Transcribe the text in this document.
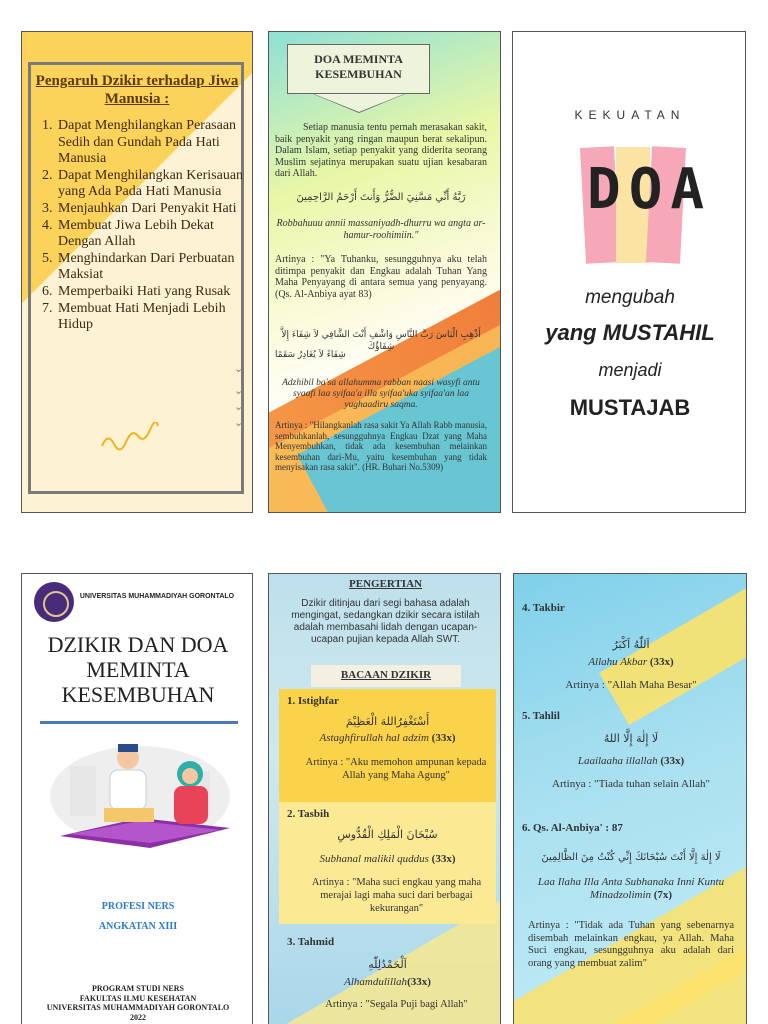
Pengaruh Dzikir terhadap Jiwa Manusia :
1. Dapat Menghilangkan Perasaan Sedih dan Gundah Pada Hati Manusia
2. Dapat Menghilangkan Kerisauan yang Ada Pada Hati Manusia
3. Menjauhkan Dari Penyakit Hati
4. Membuat Jiwa Lebih Dekat Dengan Allah
5. Menghindarkan Dari Perbuatan Maksiat
6. Memperbaiki Hati yang Rusak
7. Membuat Hati Menjadi Lebih Hidup
⌄
⌄
⌄
⌄
DOA MEMINTA KESEMBUHAN
Setiap manusia tentu pernah merasakan sakit, baik penyakit yang ringan maupun berat sekalipun. Dalam Islam, setiap penyakit yang diderita seorang Muslim sejatinya merupakan suatu ujian kesabaran dari Allah.
رَبَّهُ أَنِّي مَسَّنِيَ الضُّرُّ وَأَنتَ أَرْحَمُ الرَّاحِمِينَ
Robbahuuu annii massaniyadh-dhurru wa angta ar-hamur-roohimiin."
Artinya : "Ya Tuhanku, sesungguhnya aku telah ditimpa penyakit dan Engkau adalah Tuhan Yang Maha Penyayang di antara semua yang penyayang. (Qs. Al-Anbiya ayat 83)
أَذْهِبِ الْبَاسَ رَبَّ النَّاسِ وَاشْفِ أَنْتَ الشَّافِي لاَ شِفَاءَ إِلاَّ شِفَاؤُكَ
شِفَاءً لاَ يُغَادِرُ سَقَمًا
Adzhibil ba'sa allahumma rabban naasi wasyfi antu syaafi laa syifaa'a illa syifaa'uka syifaa'an laa yughaadiru saqma.
Artinya : "Hilangkanlah rasa sakit Ya Allah Rabb manusia, sembuhkanlah, sesungguhnya Engkau Dzat yang Maha Menyembuhkan, tidak ada kesembuhan melainkan kesembuhan dari-Mu, yaitu kesembuhan yang tidak menyisakan rasa sakit". (HR. Buhari No.5309)
KEKUATAN
DOA
mengubah
yang MUSTAHIL
menjadi
MUSTAJAB
UNIVERSITAS MUHAMMADIYAH GORONTALO
DZIKIR DAN DOA MEMINTA KESEMBUHAN
PROFESI NERS
ANGKATAN XIII
PROGRAM STUDI NERS
FAKULTAS ILMU KESEHATAN
UNIVERSITAS MUHAMMADIYAH GORONTALO
2022
PENGERTIAN
Dzikir ditinjau dari segi bahasa adalah mengingat, sedangkan dzikir secara istilah adalah membasahi lidah dengan ucapan-ucapan pujian kepada Allah SWT.
BACAAN DZIKIR
1. Istighfar
أَسْتَغْفِرُاللهَ الْعَظِيْمَ
Astaghfirullah hal adzim (33x)
Artinya : "Aku memohon ampunan kepada Allah yang Maha Agung"
2. Tasbih
سُبْحَانَ الْمَلِكِ الْقُدُّوسِ
Subhanal malikil quddus (33x)
Artinya : "Maha suci engkau yang maha merajai lagi maha suci dari berbagai kekurangan"
3. Tahmid
اَلْحَمْدُلِلّٰهِ
Alhamdulillah(33x)
Artinya : "Segala Puji bagi Allah"
4. Takbir
اَللّٰهُ اَكْبَرُ
Allahu Akbar (33x)
Artinya : "Allah Maha Besar"
5. Tahlil
لَا إِلٰهَ إِلَّا اللهُ
Laailaaha illallah (33x)
Artinya : "Tiada tuhan selain Allah"
6. Qs. Al-Anbiya' : 87
لَا إِلٰهَ إِلَّا أَنْتَ سُبْحَانَكَ إِنِّي كُنْتُ مِنَ الظَّالِمِينَ
Laa Ilaha Illa Anta Subhanaka Inni Kuntu Minadzolimin (7x)
Artinya : "Tidak ada Tuhan yang sebenarnya disembah melainkan engkau, ya Allah. Maha Suci engkau, sesungguhnya aku adalah dari orang yang membuat zalim"
